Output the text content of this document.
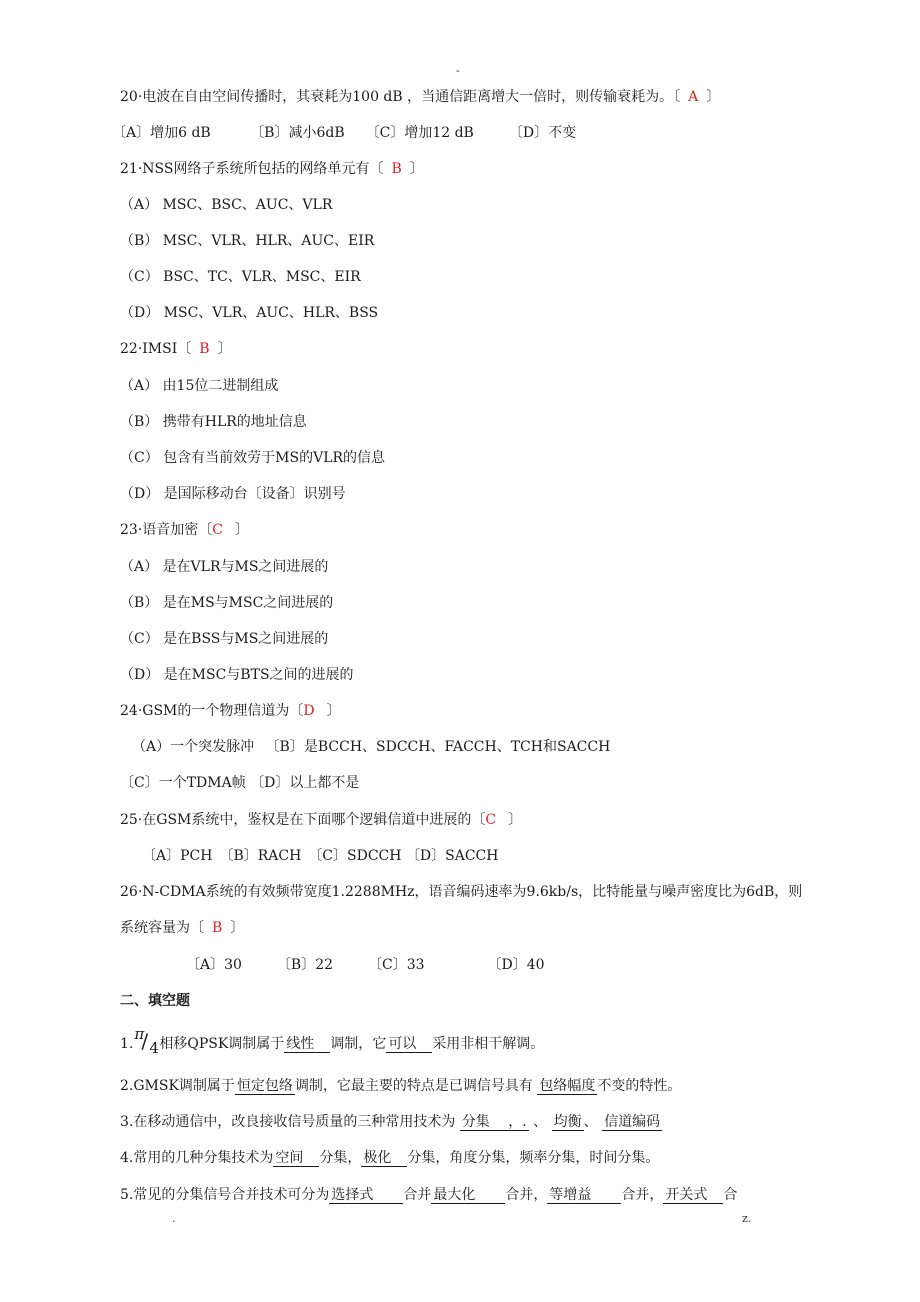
-
20·电波在自由空间传播时，其衰耗为100 dB ，当通信距离增大一倍时，则传输衰耗为。〔 A 〕
〔A〕增加6 dB 　　　〔B〕减小6dB　　〔C〕增加12 dB　　　〔D〕不变
21·NSS网络子系统所包括的网络单元有〔 B 〕
（A） MSC、BSC、AUC、VLR
（B） MSC、VLR、HLR、AUC、EIR
（C） BSC、TC、VLR、MSC、EIR
（D） MSC、VLR、AUC、HLR、BSS
22·IMSI〔 B 〕
（A） 由15位二进制组成
（B） 携带有HLR的地址信息
（C） 包含有当前效劳于MS的VLR的信息
（D） 是国际移动台〔设备〕识别号
23·语音加密〔C 〕
（A） 是在VLR与MS之间进展的
（B） 是在MS与MSC之间进展的
（C） 是在BSS与MS之间进展的
（D） 是在MSC与BTS之间的进展的
24·GSM的一个物理信道为〔D 〕
（A）一个突发脉冲 　〔B〕是BCCH、SDCCH、FACCH、TCH和SACCH
〔C〕一个TDMA帧 〔D〕以上都不是
25·在GSM系统中，鉴权是在下面哪个逻辑信道中进展的〔C 〕
〔A〕PCH　〔B〕RACH　〔C〕SDCCH 〔D〕SACCH
26·N-CDMA系统的有效频带宽度1.2288MHz，语音编码速率为9.6kb/s，比特能量与噪声密度比为6dB，则
系统容量为〔 B 〕
〔A〕30　　　〔B〕22　　　〔C〕33　　　　　〔D〕40
二、填空题
1.
π
/ 4 相移QPSK调制属于 线性　调制，它 可以　采用非相干解调。
2.GMSK调制属于 恒定包络 调制，它最主要的特点是已调信号具有 包络幅度不变的特性。
3.在移动通信中，改良接收信号质量的三种常用技术为 分集　 ，. 、 均衡 、 信道编码
4.常用的几种分集技术为 空间　分集， 极化　分集，角度分集，频率分集，时间分集。
5.常见的分集信号合并技术可分为 选择式　　合并 最大化　　合并， 等增益　　合并， 开关式　合
.	z.
